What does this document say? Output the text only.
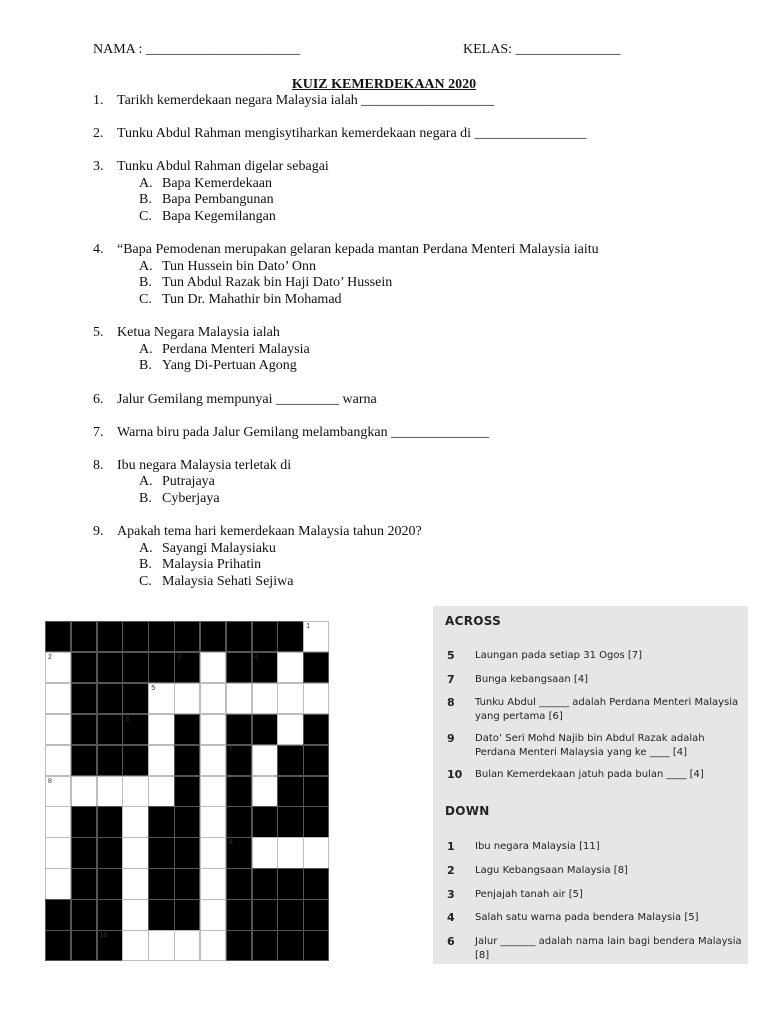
NAMA : ______________________	KELAS: _______________
KUIZ KEMERDEKAAN 2020
1. Tarikh kemerdekaan negara Malaysia ialah ___________________
2. Tunku Abdul Rahman mengisytiharkan kemerdekaan negara di ________________
3. Tunku Abdul Rahman digelar sebagai
A. Bapa Kemerdekaan
B. Bapa Pembangunan
C. Bapa Kegemilangan
4. “Bapa Pemodenan merupakan gelaran kepada mantan Perdana Menteri Malaysia iaitu
A. Tun Hussein bin Dato’ Onn
B. Tun Abdul Razak bin Haji Dato’ Hussein
C. Tun Dr. Mahathir bin Mohamad
5. Ketua Negara Malaysia ialah
A. Perdana Menteri Malaysia
B. Yang Di-Pertuan Agong
6. Jalur Gemilang mempunyai _________ warna
7. Warna biru pada Jalur Gemilang melambangkan ______________
8. Ibu negara Malaysia terletak di
A. Putrajaya
B. Cyberjaya
9. Apakah tema hari kemerdekaan Malaysia tahun 2020?
A. Sayangi Malaysiaku
B. Malaysia Prihatin
C. Malaysia Sehati Sejiwa
1
2	3	4
5
6
7
8
9
10
ACROSS
5 Laungan pada setiap 31 Ogos [7]
7 Bunga kebangsaan [4]
8 Tunku Abdul ______ adalah Perdana Menteri Malaysia yang pertama [6]
9 Dato’ Seri Mohd Najib bin Abdul Razak adalah Perdana Menteri Malaysia yang ke ____ [4]
10 Bulan Kemerdekaan jatuh pada bulan ____ [4]
DOWN
1 Ibu negara Malaysia [11]
2 Lagu Kebangsaan Malaysia [8]
3 Penjajah tanah air [5]
4 Salah satu warna pada bendera Malaysia [5]
6 Jalur _______ adalah nama lain bagi bendera Malaysia [8]
